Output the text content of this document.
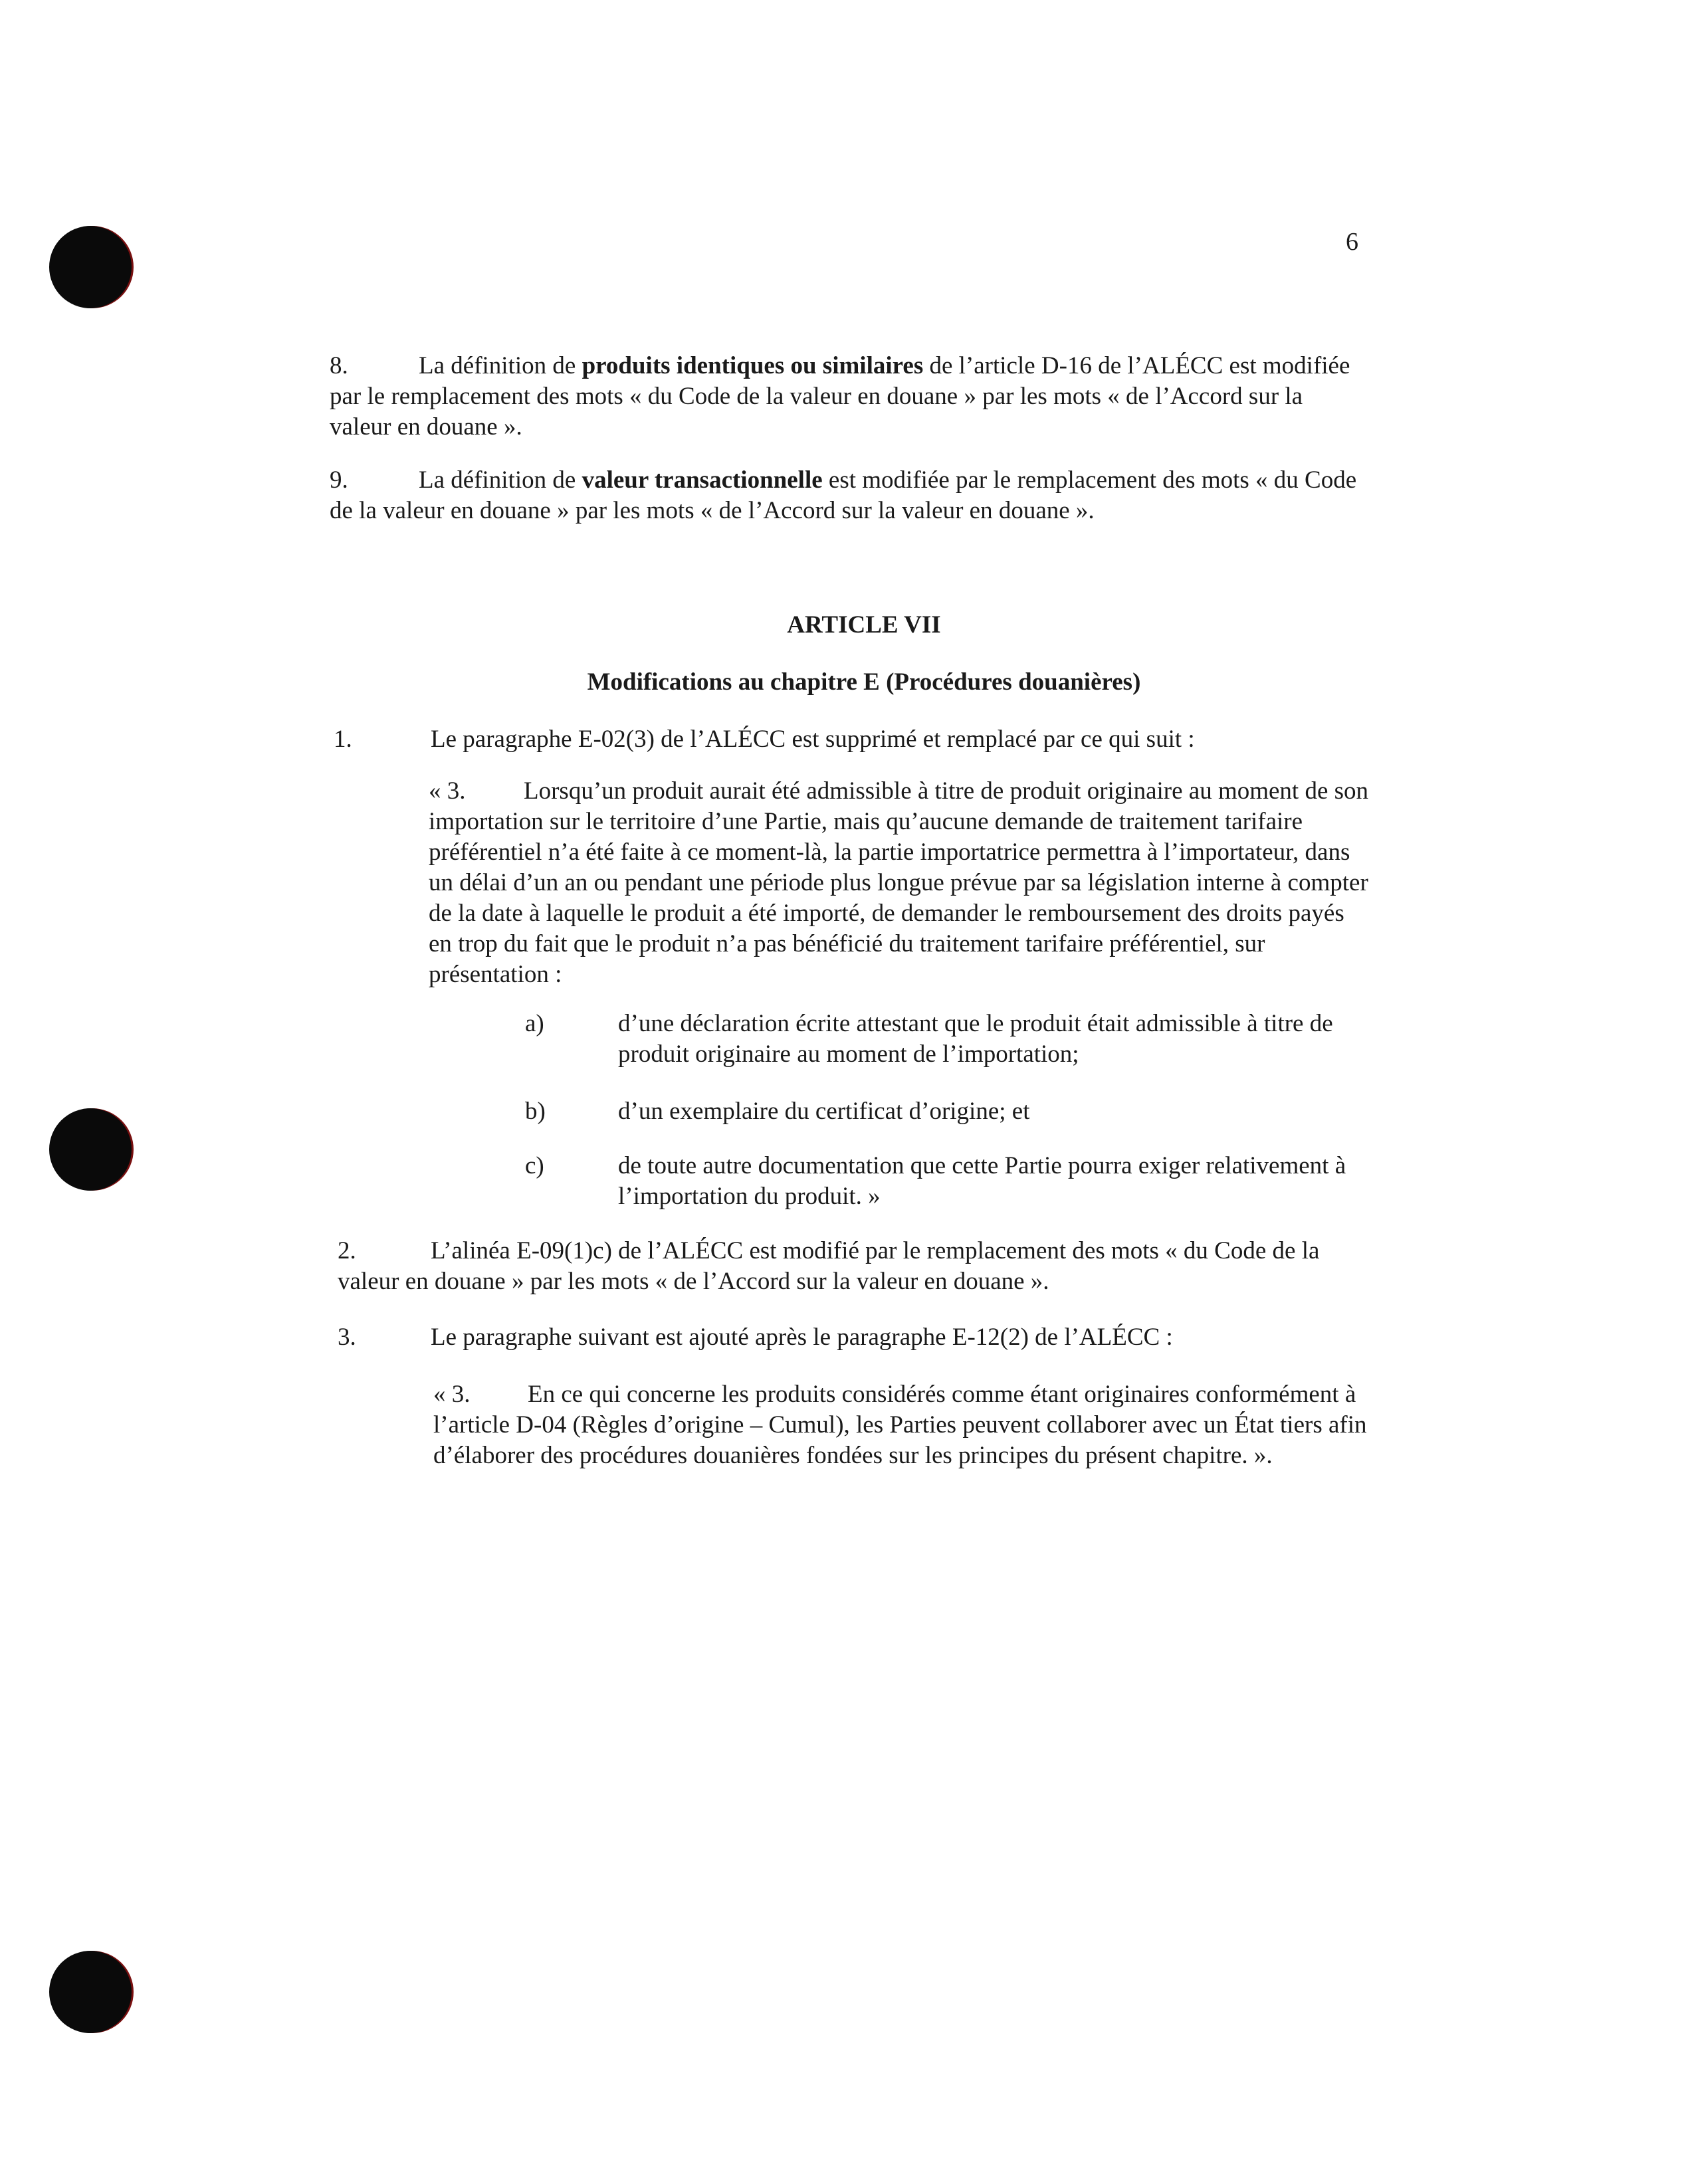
6
8.	La définition de produits identiques ou similaires de l’article D-16 de l’ALÉCC est modifiée par le remplacement des mots « du Code de la valeur en douane » par les mots « de l’Accord sur la valeur en douane ».
9.	La définition de valeur transactionnelle est modifiée par le remplacement des mots « du Code de la valeur en douane » par les mots « de l’Accord sur la valeur en douane ».
ARTICLE VII
Modifications au chapitre E (Procédures douanières)
1.	Le paragraphe E-02(3) de l’ALÉCC est supprimé et remplacé par ce qui suit :
« 3. Lorsqu’un produit aurait été admissible à titre de produit originaire au moment de son importation sur le territoire d’une Partie, mais qu’aucune demande de traitement tarifaire préférentiel n’a été faite à ce moment-là, la partie importatrice permettra à l’importateur, dans un délai d’un an ou pendant une période plus longue prévue par sa législation interne à compter de la date à laquelle le produit a été importé, de demander le remboursement des droits payés en trop du fait que le produit n’a pas bénéficié du traitement tarifaire préférentiel, sur présentation :
a)	d’une déclaration écrite attestant que le produit était admissible à titre de produit originaire au moment de l’importation;
b)	d’un exemplaire du certificat d’origine; et
c)	de toute autre documentation que cette Partie pourra exiger relativement à l’importation du produit. »
2.	L’alinéa E-09(1)c) de l’ALÉCC est modifié par le remplacement des mots « du Code de la valeur en douane » par les mots « de l’Accord sur la valeur en douane ».
3.	Le paragraphe suivant est ajouté après le paragraphe E-12(2) de l’ALÉCC :
« 3. En ce qui concerne les produits considérés comme étant originaires conformément à l’article D-04 (Règles d’origine – Cumul), les Parties peuvent collaborer avec un État tiers afin d’élaborer des procédures douanières fondées sur les principes du présent chapitre. ».
